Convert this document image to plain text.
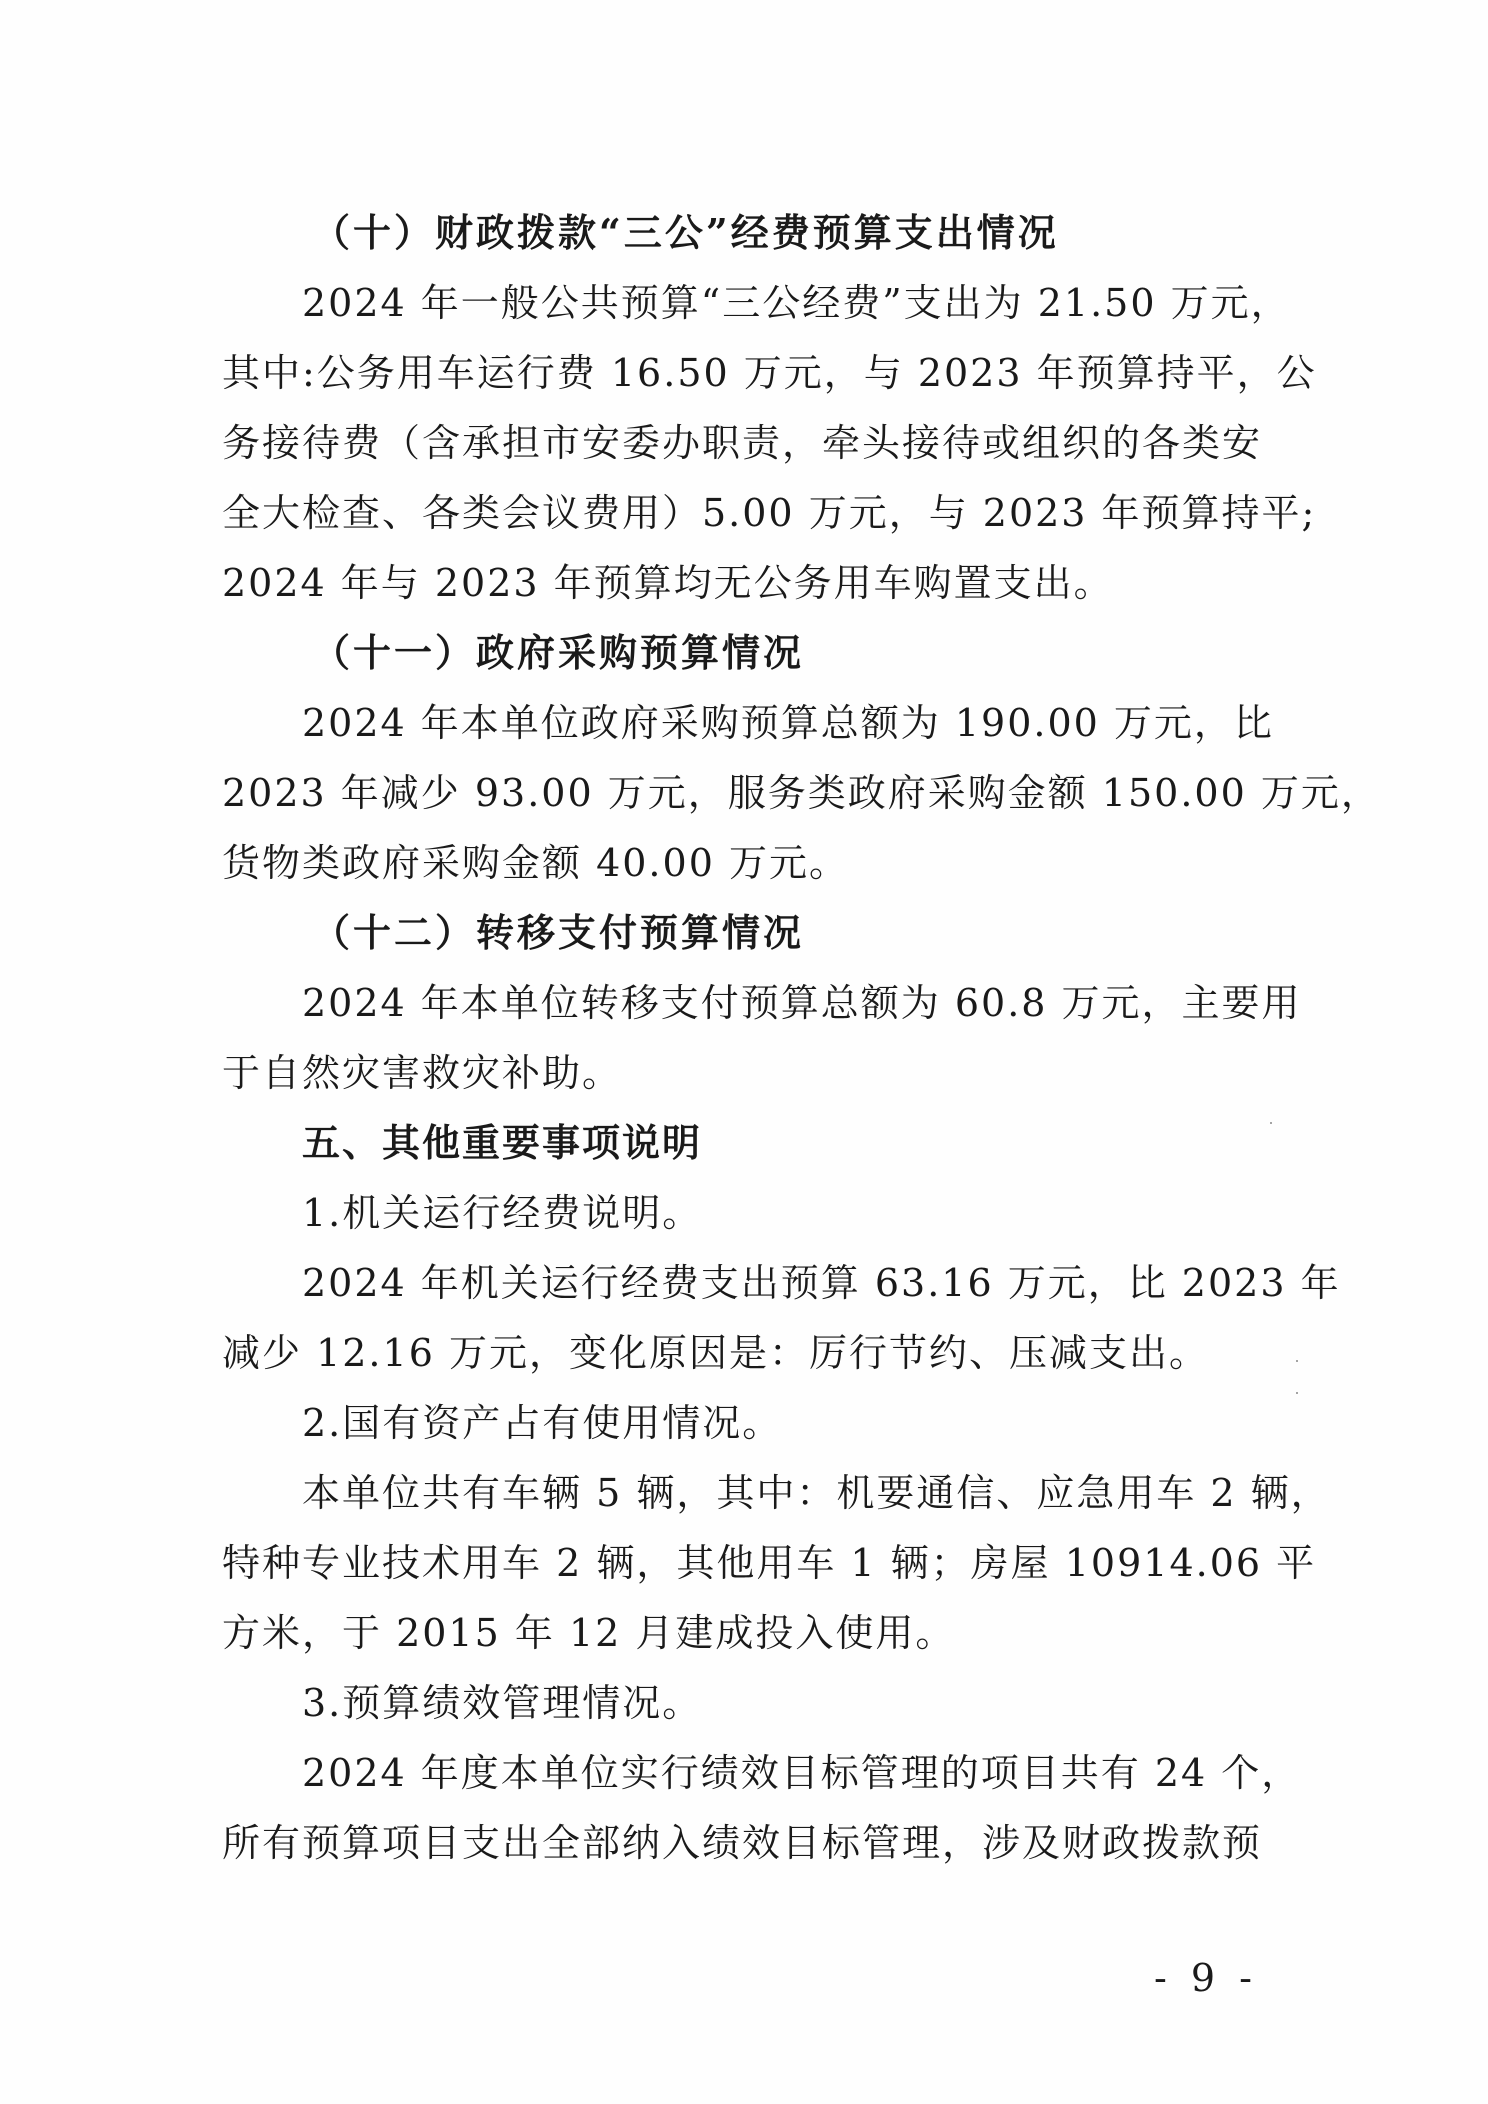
（十）财政拨款“三公”经费预算支出情况
2024 年一般公共预算“三公经费”支出为 21.50 万元，
其中:公务用车运行费 16.50 万元，与 2023 年预算持平，公
务接待费（含承担市安委办职责，牵头接待或组织的各类安
全大检查、各类会议费用）5.00 万元，与 2023 年预算持平;
2024 年与 2023 年预算均无公务用车购置支出。
（十一）政府采购预算情况
2024 年本单位政府采购预算总额为 190.00 万元，比
2023 年减少 93.00 万元，服务类政府采购金额 150.00 万元，
货物类政府采购金额 40.00 万元。
（十二）转移支付预算情况
2024 年本单位转移支付预算总额为 60.8 万元，主要用
于自然灾害救灾补助。
五、其他重要事项说明
1.机关运行经费说明。
2024 年机关运行经费支出预算 63.16 万元，比 2023 年
减少 12.16 万元，变化原因是：厉行节约、压减支出。
2.国有资产占有使用情况。
本单位共有车辆 5 辆，其中：机要通信、应急用车 2 辆，
特种专业技术用车 2 辆，其他用车 1 辆；房屋 10914.06 平
方米，于 2015 年 12 月建成投入使用。
3.预算绩效管理情况。
2024 年度本单位实行绩效目标管理的项目共有 24 个，
所有预算项目支出全部纳入绩效目标管理，涉及财政拨款预
- 9 -
